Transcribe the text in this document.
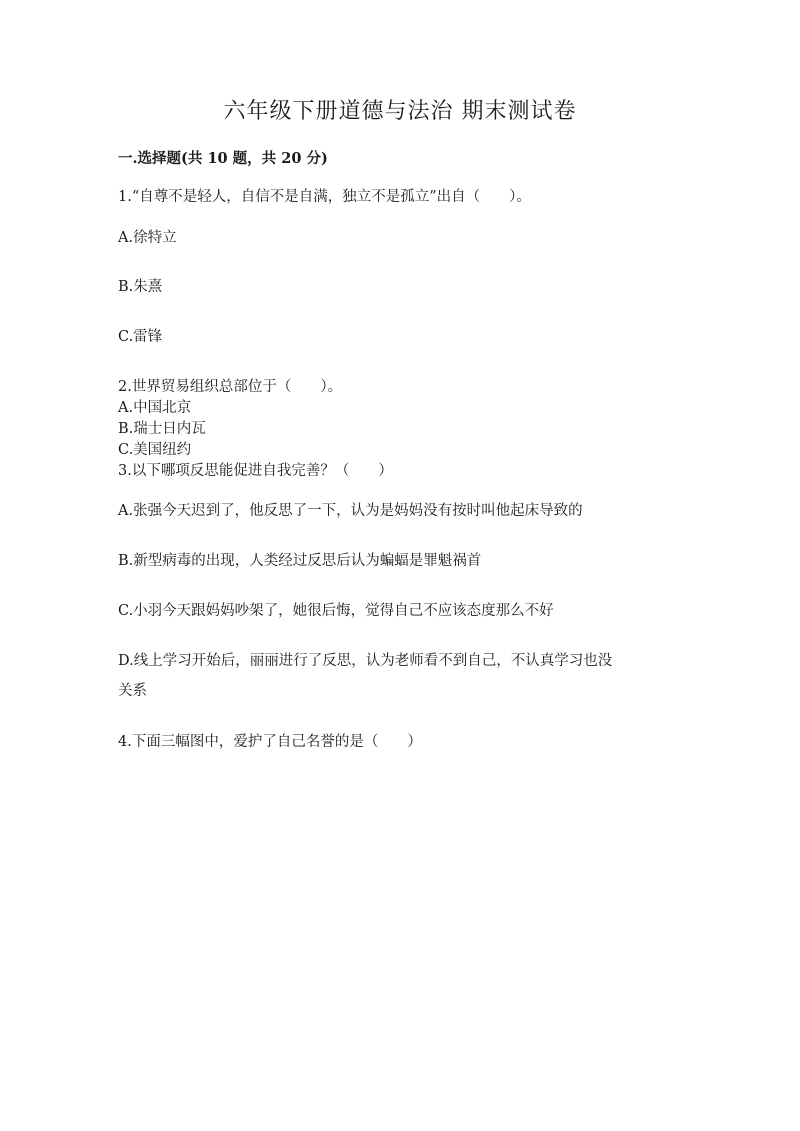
六年级下册道德与法治 期末测试卷
一.选择题(共 10 题，共 20 分)
1.“自尊不是轻人，自信不是自满，独立不是孤立”出自（　　）。
A.徐特立
B.朱熹
C.雷锋
2.世界贸易组织总部位于（　　）。
A.中国北京
B.瑞士日内瓦
C.美国纽约
3.以下哪项反思能促进自我完善？（　　）
A.张强今天迟到了，他反思了一下，认为是妈妈没有按时叫他起床导致的
B.新型病毒的出现，人类经过反思后认为蝙蝠是罪魁祸首
C.小羽今天跟妈妈吵架了，她很后悔，觉得自己不应该态度那么不好
D.线上学习开始后，丽丽进行了反思，认为老师看不到自己，不认真学习也没
关系
4.下面三幅图中，爱护了自己名誉的是（　　）
